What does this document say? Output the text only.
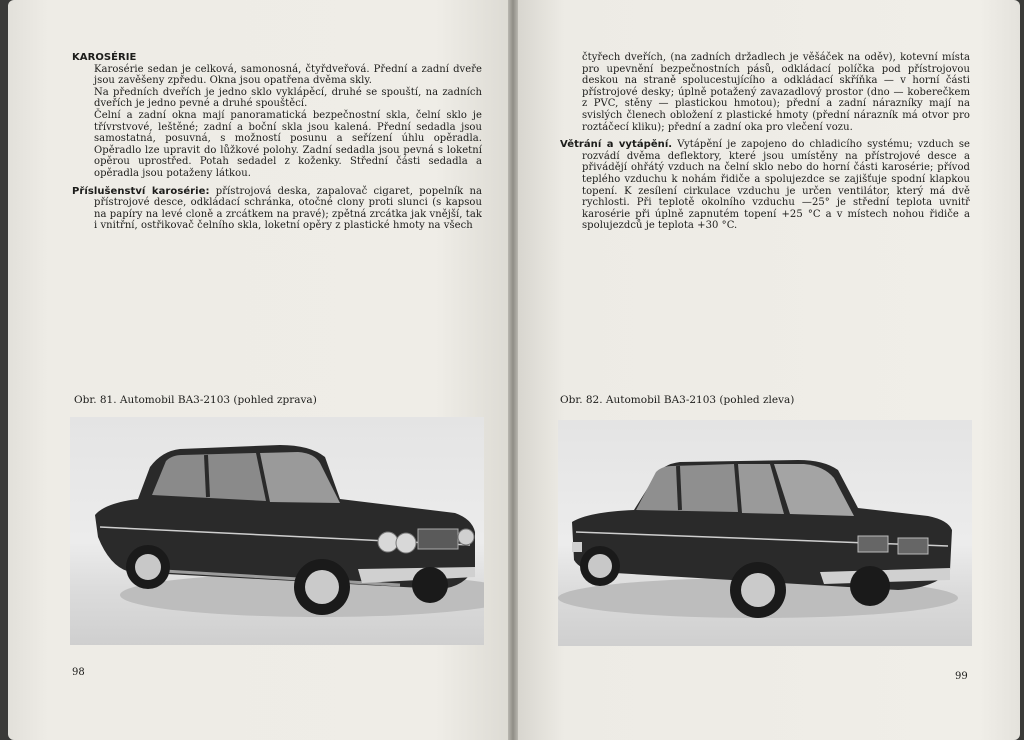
KAROSÉRIE

Karosérie sedan je celková, samonosná, čtyřdveřová. Přední a zadní dveře jsou zavěšeny zpředu. Okna jsou opatřena dvěma skly.

Na předních dveřích je jedno sklo vyklápěcí, druhé se spouští, na zadních dveřích je jedno pevné a druhé spouštěcí.

Čelní a zadní okna mají panoramatická bezpečnostní skla, čelní sklo je třívrstvové, leštěné; zadní a boční skla jsou kalená. Přední sedadla jsou samostatná, posuvná, s možností posunu a seřízení úhlu opěradla. Opěradlo lze upravit do lůžkové polohy. Zadní sedadla jsou pevná s loketní opěrou uprostřed. Potah sedadel z koženky. Střední části sedadla a opěradla jsou potaženy látkou.

Příslušenství karosérie: přístrojová deska, zapalovač cigaret, popelník na přístrojové desce, odkládací schránka, otočné clony proti slunci (s kapsou na papíry na levé cloně a zrcátkem na pravé); zpětná zrcátka jak vnější, tak i vnitřní, ostřikovač čelního skla, loketní opěry z plastické hmoty na všech

Obr. 81. Automobil BA3-2103 (pohled zprava)
98

čtyřech dveřích, (na zadních držadlech je věšáček na oděv), kotevní místa pro upevnění bezpečnostních pásů, odkládací políčka pod přístrojovou deskou na straně spolucestujícího a odkládací skříňka — v horní části přístrojové desky; úplně potažený zavazadlový prostor (dno — koberečkem z PVC, stěny — plastickou hmotou); přední a zadní nárazníky mají na svislých členech obložení z plastické hmoty (přední nárazník má otvor pro roztáčecí kliku); přední a zadní oka pro vlečení vozu.

Větrání a vytápění. Vytápění je zapojeno do chladicího systému; vzduch se rozvádí dvěma deflektory, které jsou umístěny na přístrojové desce a přivádějí ohřátý vzduch na čelní sklo nebo do horní části karosérie; přívod teplého vzduchu k nohám řidiče a spolujezdce se zajišťuje spodní klapkou topení. K zesílení cirkulace vzduchu je určen ventilátor, který má dvě rychlosti. Při teplotě okolního vzduchu —25° je střední teplota uvnitř karosérie při úplně zapnutém topení +25 °C a v místech nohou řidiče a spolujezdců je teplota +30 °C.

Obr. 82. Automobil BA3-2103 (pohled zleva)
99
